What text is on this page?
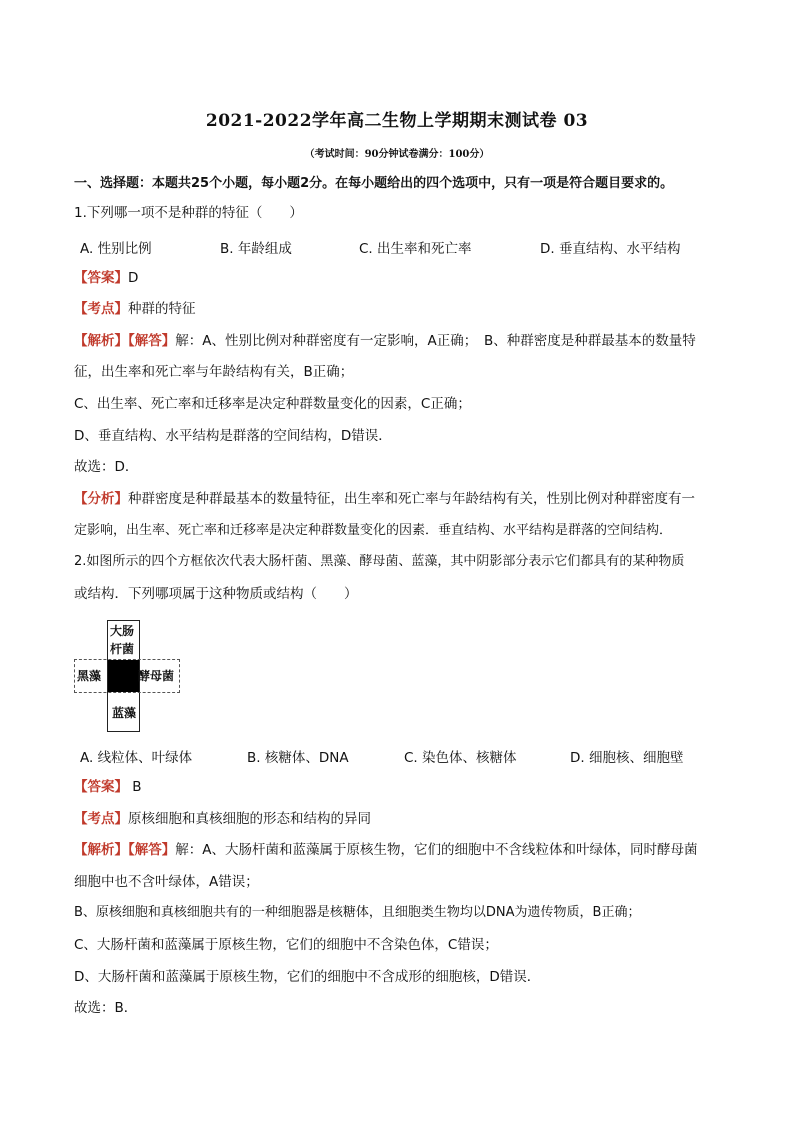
2021-2022学年高二生物上学期期末测试卷 03
（考试时间：90分钟试卷满分：100分）
一、选择题：本题共25个小题，每小题2分。在每小题给出的四个选项中，只有一项是符合题目要求的。
1.下列哪一项不是种群的特征（　　）
A. 性别比例	B. 年龄组成	C. 出生率和死亡率	D. 垂直结构、水平结构
【答案】D
【考点】种群的特征
【解析】【解答】解：A、性别比例对种群密度有一定影响，A正确；　B、种群密度是种群最基本的数量特
征，出生率和死亡率与年龄结构有关，B正确；
C、出生率、死亡率和迁移率是决定种群数量变化的因素，C正确；
D、垂直结构、水平结构是群落的空间结构，D错误．
故选：D．
【分析】种群密度是种群最基本的数量特征，出生率和死亡率与年龄结构有关，性别比例对种群密度有一
定影响，出生率、死亡率和迁移率是决定种群数量变化的因素．垂直结构、水平结构是群落的空间结构．
2.如图所示的四个方框依次代表大肠杆菌、黑藻、酵母菌、蓝藻，其中阴影部分表示它们都具有的某种物质
或结构．下列哪项属于这种物质或结构（　　）
大肠
杆菌
黑藻	酵母菌
蓝藻
A. 线粒体、叶绿体	B. 核糖体、DNA	C. 染色体、核糖体	D. 细胞核、细胞壁
【答案】 B
【考点】原核细胞和真核细胞的形态和结构的异同
【解析】【解答】解：A、大肠杆菌和蓝藻属于原核生物，它们的细胞中不含线粒体和叶绿体，同时酵母菌
细胞中也不含叶绿体，A错误；
B、原核细胞和真核细胞共有的一种细胞器是核糖体，且细胞类生物均以DNA为遗传物质，B正确；
C、大肠杆菌和蓝藻属于原核生物，它们的细胞中不含染色体，C错误；
D、大肠杆菌和蓝藻属于原核生物，它们的细胞中不含成形的细胞核，D错误．
故选：B．
